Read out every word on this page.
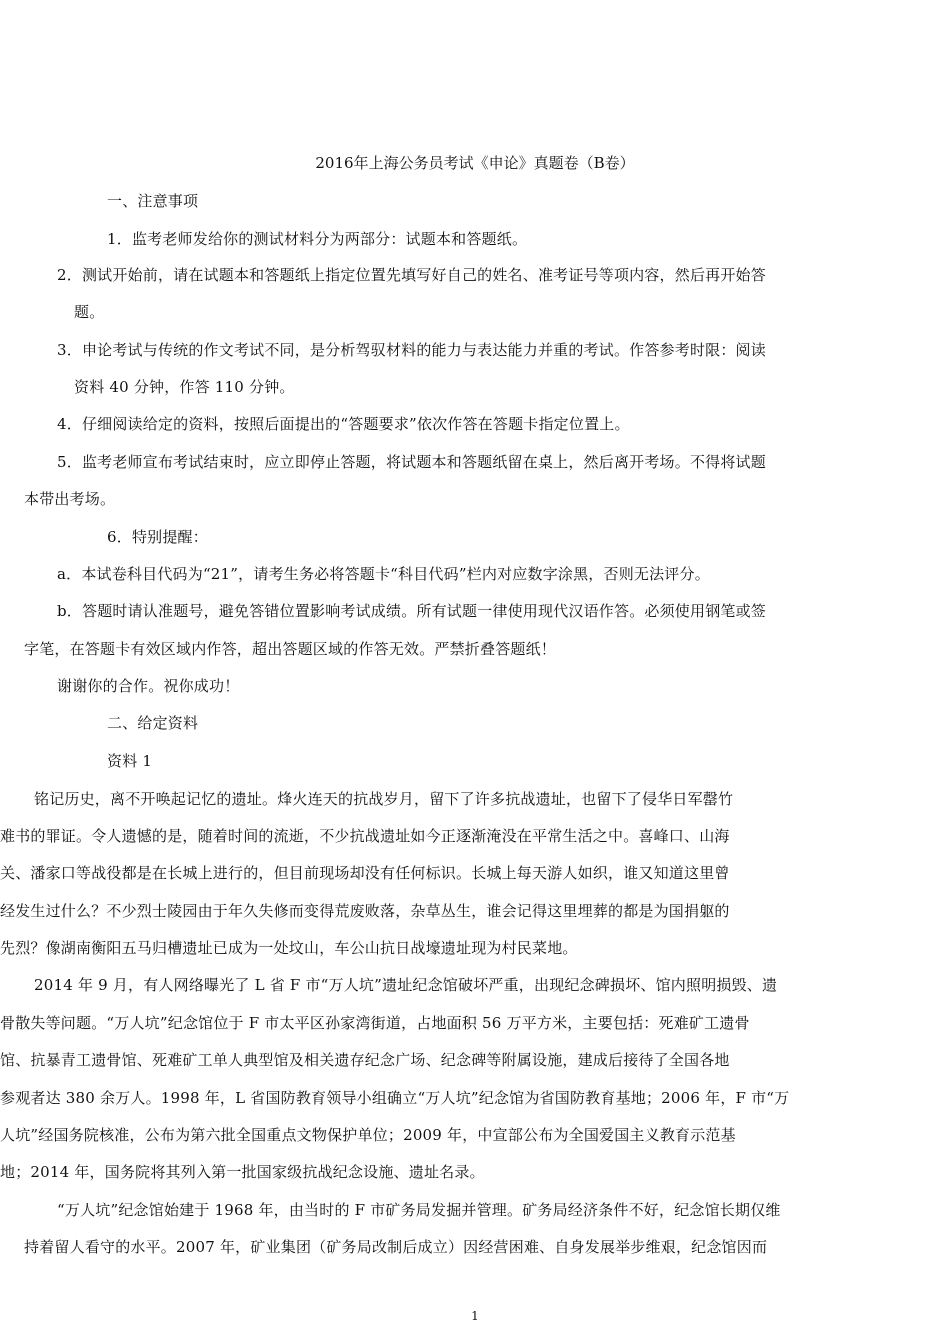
2016年上海公务员考试《申论》真题卷（B卷）
一、注意事项
1．监考老师发给你的测试材料分为两部分：试题本和答题纸。
2．测试开始前，请在试题本和答题纸上指定位置先填写好自己的姓名、准考证号等项内容，然后再开始答
题。
3．申论考试与传统的作文考试不同，是分析驾驭材料的能力与表达能力并重的考试。作答参考时限：阅读
资料 40 分钟，作答 110 分钟。
4．仔细阅读给定的资料，按照后面提出的“答题要求”依次作答在答题卡指定位置上。
5．监考老师宣布考试结束时，应立即停止答题，将试题本和答题纸留在桌上，然后离开考场。不得将试题
本带出考场。
6．特别提醒：
a．本试卷科目代码为“21”，请考生务必将答题卡“科目代码”栏内对应数字涂黑，否则无法评分。
b．答题时请认准题号，避免答错位置影响考试成绩。所有试题一律使用现代汉语作答。必须使用钢笔或签
字笔，在答题卡有效区域内作答，超出答题区域的作答无效。严禁折叠答题纸！
谢谢你的合作。祝你成功！
二、给定资料
资料 1
铭记历史，离不开唤起记忆的遗址。烽火连天的抗战岁月，留下了许多抗战遗址，也留下了侵华日军罄竹
难书的罪证。令人遗憾的是，随着时间的流逝，不少抗战遗址如今正逐渐淹没在平常生活之中。喜峰口、山海
关、潘家口等战役都是在长城上进行的，但目前现场却没有任何标识。长城上每天游人如织，谁又知道这里曾
经发生过什么？不少烈士陵园由于年久失修而变得荒废败落，杂草丛生，谁会记得这里埋葬的都是为国捐躯的
先烈？像湖南衡阳五马归槽遗址已成为一处坟山，车公山抗日战壕遗址现为村民菜地。
2014 年 9 月，有人网络曝光了 L 省 F 市“万人坑”遗址纪念馆破坏严重，出现纪念碑损坏、馆内照明损毁、遗
骨散失等问题。“万人坑”纪念馆位于 F 市太平区孙家湾街道，占地面积 56 万平方米，主要包括：死难矿工遗骨
馆、抗暴青工遗骨馆、死难矿工单人典型馆及相关遗存纪念广场、纪念碑等附属设施，建成后接待了全国各地
参观者达 380 余万人。1998 年，L 省国防教育领导小组确立“万人坑”纪念馆为省国防教育基地；2006 年，F 市“万
人坑”经国务院核准，公布为第六批全国重点文物保护单位；2009 年，中宣部公布为全国爱国主义教育示范基
地；2014 年，国务院将其列入第一批国家级抗战纪念设施、遗址名录。
“万人坑”纪念馆始建于 1968 年，由当时的 F 市矿务局发掘并管理。矿务局经济条件不好，纪念馆长期仅维
持着留人看守的水平。2007 年，矿业集团（矿务局改制后成立）因经营困难、自身发展举步维艰，纪念馆因而
1
